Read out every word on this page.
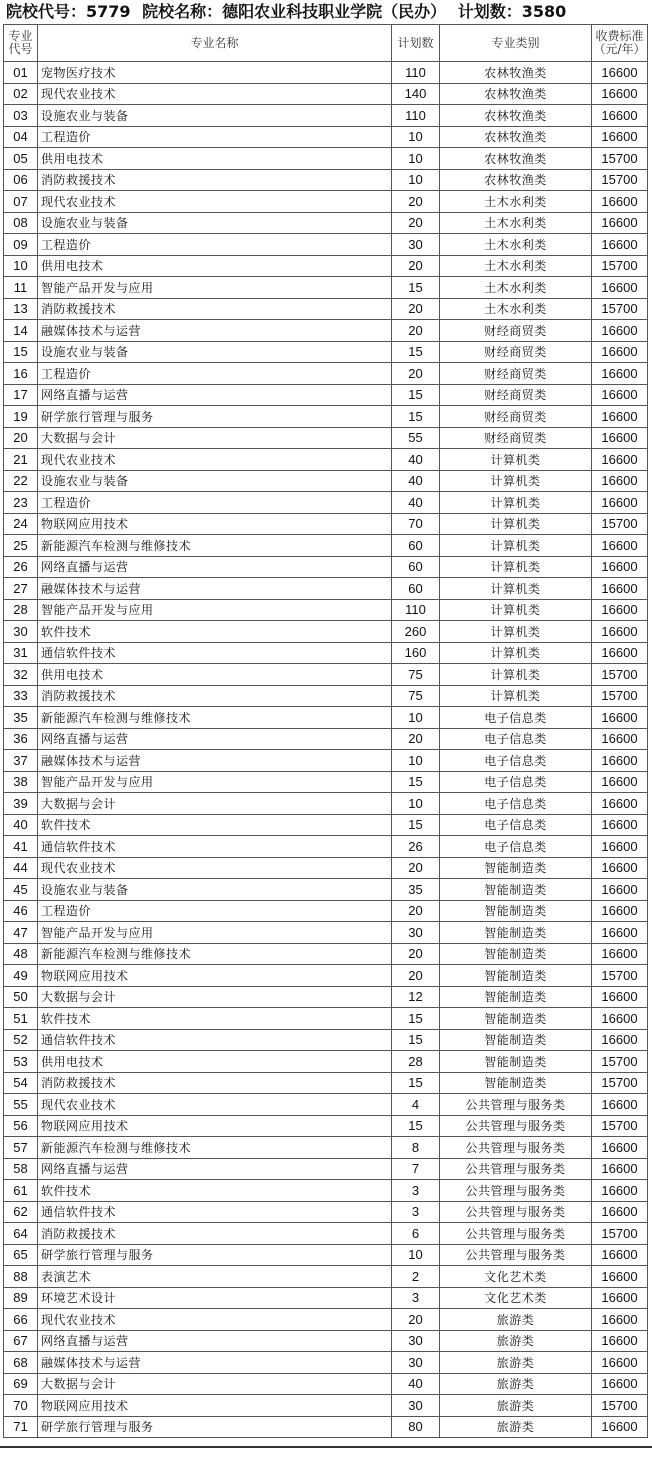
院校代号：5779 院校名称：德阳农业科技职业学院（民办） 计划数：3580
专业代号	专业名称	计划数	专业类别	收费标准（元/年）

01	宠物医疗技术	110	农林牧渔类	16600
02	现代农业技术	140	农林牧渔类	16600
03	设施农业与装备	110	农林牧渔类	16600
04	工程造价	10	农林牧渔类	16600
05	供用电技术	10	农林牧渔类	15700
06	消防救援技术	10	农林牧渔类	15700
07	现代农业技术	20	土木水利类	16600
08	设施农业与装备	20	土木水利类	16600
09	工程造价	30	土木水利类	16600
10	供用电技术	20	土木水利类	15700
11	智能产品开发与应用	15	土木水利类	16600
13	消防救援技术	20	土木水利类	15700
14	融媒体技术与运营	20	财经商贸类	16600
15	设施农业与装备	15	财经商贸类	16600
16	工程造价	20	财经商贸类	16600
17	网络直播与运营	15	财经商贸类	16600
19	研学旅行管理与服务	15	财经商贸类	16600
20	大数据与会计	55	财经商贸类	16600
21	现代农业技术	40	计算机类	16600
22	设施农业与装备	40	计算机类	16600
23	工程造价	40	计算机类	16600
24	物联网应用技术	70	计算机类	15700
25	新能源汽车检测与维修技术	60	计算机类	16600
26	网络直播与运营	60	计算机类	16600
27	融媒体技术与运营	60	计算机类	16600
28	智能产品开发与应用	110	计算机类	16600
30	软件技术	260	计算机类	16600
31	通信软件技术	160	计算机类	16600
32	供用电技术	75	计算机类	15700
33	消防救援技术	75	计算机类	15700
35	新能源汽车检测与维修技术	10	电子信息类	16600
36	网络直播与运营	20	电子信息类	16600
37	融媒体技术与运营	10	电子信息类	16600
38	智能产品开发与应用	15	电子信息类	16600
39	大数据与会计	10	电子信息类	16600
40	软件技术	15	电子信息类	16600
41	通信软件技术	26	电子信息类	16600
44	现代农业技术	20	智能制造类	16600
45	设施农业与装备	35	智能制造类	16600
46	工程造价	20	智能制造类	16600
47	智能产品开发与应用	30	智能制造类	16600
48	新能源汽车检测与维修技术	20	智能制造类	16600
49	物联网应用技术	20	智能制造类	15700
50	大数据与会计	12	智能制造类	16600
51	软件技术	15	智能制造类	16600
52	通信软件技术	15	智能制造类	16600
53	供用电技术	28	智能制造类	15700
54	消防救援技术	15	智能制造类	15700
55	现代农业技术	4	公共管理与服务类	16600
56	物联网应用技术	15	公共管理与服务类	15700
57	新能源汽车检测与维修技术	8	公共管理与服务类	16600
58	网络直播与运营	7	公共管理与服务类	16600
61	软件技术	3	公共管理与服务类	16600
62	通信软件技术	3	公共管理与服务类	16600
64	消防救援技术	6	公共管理与服务类	15700
65	研学旅行管理与服务	10	公共管理与服务类	16600
88	表演艺术	2	文化艺术类	16600
89	环境艺术设计	3	文化艺术类	16600
66	现代农业技术	20	旅游类	16600
67	网络直播与运营	30	旅游类	16600
68	融媒体技术与运营	30	旅游类	16600
69	大数据与会计	40	旅游类	16600
70	物联网应用技术	30	旅游类	15700
71	研学旅行管理与服务	80	旅游类	16600
